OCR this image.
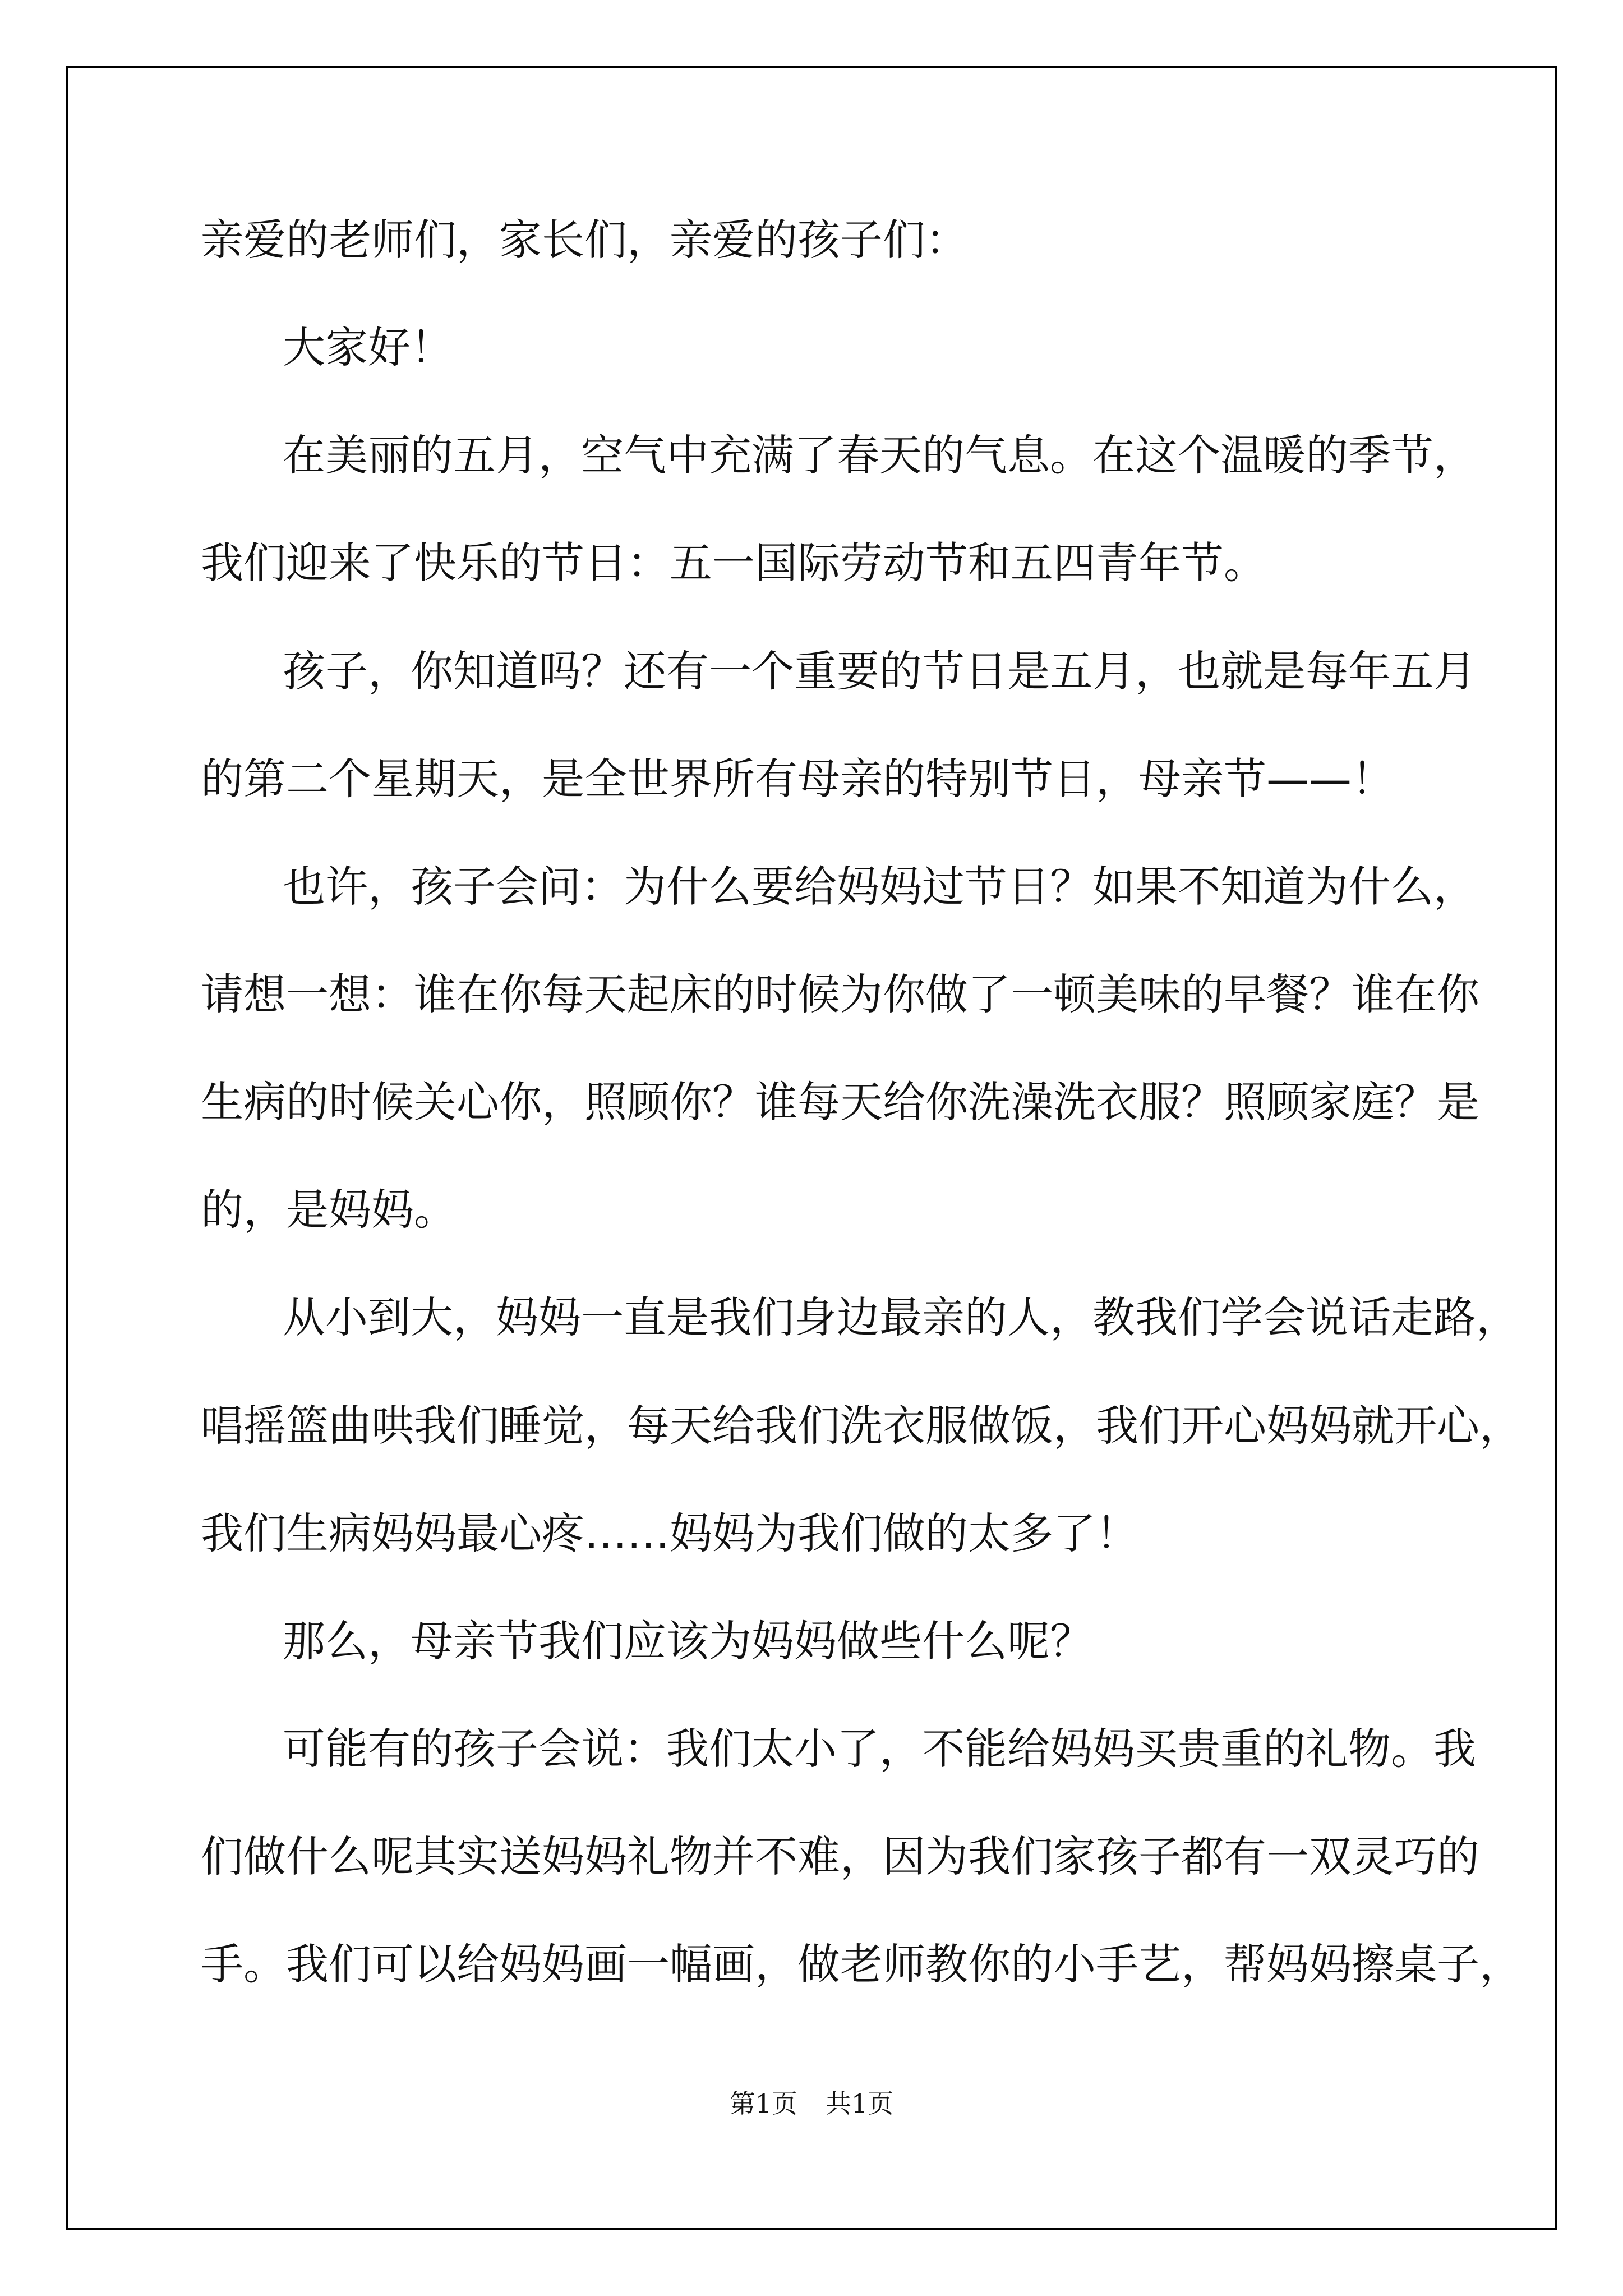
亲爱的老师们，家长们，亲爱的孩子们：
大家好！
在美丽的五月，空气中充满了春天的气息。在这个温暖的季节，
我们迎来了快乐的节日：五一国际劳动节和五四青年节。
孩子，你知道吗？还有一个重要的节日是五月，也就是每年五月
的第二个星期天，是全世界所有母亲的特别节日，母亲节——！
也许，孩子会问：为什么要给妈妈过节日？如果不知道为什么，
请想一想：谁在你每天起床的时候为你做了一顿美味的早餐？谁在你
生病的时候关心你，照顾你？谁每天给你洗澡洗衣服？照顾家庭？是
的，是妈妈。
从小到大，妈妈一直是我们身边最亲的人，教我们学会说话走路，
唱摇篮曲哄我们睡觉，每天给我们洗衣服做饭，我们开心妈妈就开心，
我们生病妈妈最心疼……妈妈为我们做的太多了！
那么，母亲节我们应该为妈妈做些什么呢？
可能有的孩子会说：我们太小了，不能给妈妈买贵重的礼物。我
们做什么呢其实送妈妈礼物并不难，因为我们家孩子都有一双灵巧的
手。我们可以给妈妈画一幅画，做老师教你的小手艺，帮妈妈擦桌子，
第1页 共1页
